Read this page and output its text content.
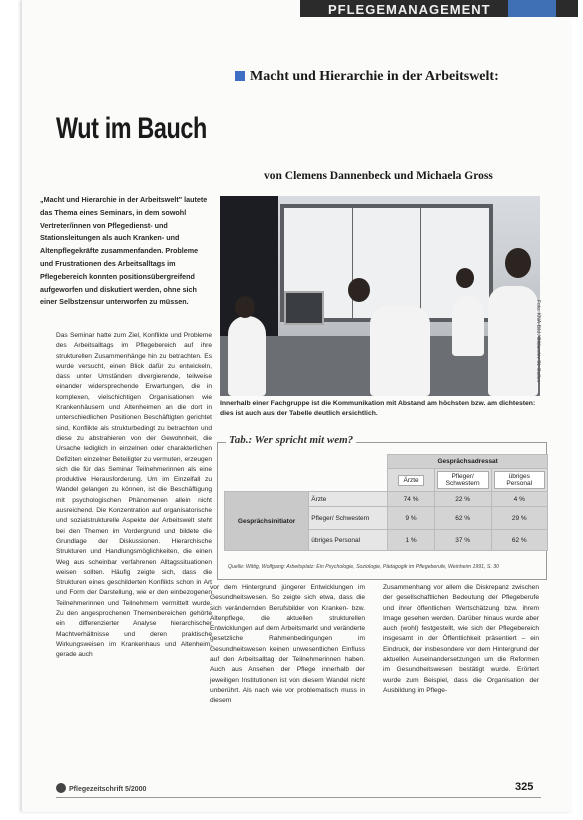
PFLEGEMANAGEMENT
Macht und Hierarchie in der Arbeitswelt:
Wut im Bauch
von Clemens Dannenbeck und Michaela Gross
„Macht und Hierarchie in der Arbeitswelt" lautete das Thema eines Seminars, in dem sowohl Vertreter/innen von Pflegedienst- und Stationsleitungen als auch Kranken- und Altenpflegekräfte zusammenfanden. Probleme und Frustrationen des Arbeitsalltags im Pflegebereich konnten positionsübergreifend aufgeworfen und diskutiert werden, ohne sich einer Selbstzensur unterworfen zu müssen.
Das Seminar hatte zum Ziel, Konflikte und Probleme des Arbeitsalltags im Pflegebereich auf ihre strukturellen Zusammenhänge hin zu betrachten. Es wurde versucht, einen Blick dafür zu entwickeln, dass unter Umständen divergierende, teilweise einander widersprechende Erwartungen, die in komplexen, vielschichtigen Organisationen wie Krankenhäusern und Altenheimen an die dort in unterschiedlichen Positionen Beschäftigten gerichtet sind, Konflikte als strukturbedingt zu betrachten und diese zu abstrahieren von der Gewohnheit, die Ursache lediglich in einzelnen oder charakterlichen Defiziten einzelner Beteiligter zu vermuten, erzeugen sich die für das Seminar Teilnehmerinnen als eine produktive Herausforderung. Um im Einzelfall zu Wandel gelangen zu können, ist die Beschäftigung mit psychologischen Phänomenen allein nicht ausreichend. Die Konzentration auf organisatorische und sozialstrukturelle Aspekte der Arbeitswelt steht bei den Themen im Vordergrund und bildete die Grundlage der Diskussionen. Hierarchische Strukturen und Handlungsmöglichkeiten, die einen Weg aus scheinbar verfahrenen Alltagssituationen weisen sollten. Häufig zeigte sich, dass die Strukturen eines geschilderten Konflikts schon in Art und Form der Darstellung, wie er den einbezogenen Teilnehmerinnen und Teilnehmern vermittelt wurde. Zu den angesprochenen Themenbereichen gehörte ein differenzierter Analyse hierarchischer Machtverhältnisse und deren praktische Wirkungsweisen im Krankenhaus und Altenheim, gerade auch
Foto: KNA-Bild / Bildarchiv St. Gallen
Innerhalb einer Fachgruppe ist die Kommunikation mit Abstand am höchsten bzw. am dichtesten: dies ist auch aus der Tabelle deutlich ersichtlich.
Tab.: Wer spricht mit wem?
		Gesprächsadressat		
		Ärzte	Pfleger/ Schwestern	übriges Personal
Gesprächsinitiator	Ärzte	74 %	22 %	4 %
	Pfleger/ Schwestern	9 %	62 %	29 %
	übriges Personal	1 %	37 %	62 %
Quelle: Wittig, Wolfgang: Arbeitsplatz: Ein Psychologie, Soziologie, Pädagogik im Pflegeberufe, Weinheim 1991, S. 30
vor dem Hintergrund jüngerer Entwicklungen im Gesundheitswesen. So zeigte sich etwa, dass die sich verändernden Berufsbilder von Kranken- bzw. Altenpflege, die aktuellen strukturellen Entwicklungen auf dem Arbeitsmarkt und veränderte gesetzliche Rahmenbedingungen im Gesundheitswesen keinen unwesentlichen Einfluss auf den Arbeitsalltag der Teilnehmerinnen haben. Auch aus Ansehen der Pflege innerhalb der jeweiligen Institutionen ist von diesem Wandel nicht unberührt. Als nach wie vor problematisch muss in diesem
Zusammenhang vor allem die Diskrepanz zwischen der gesellschaftlichen Bedeutung der Pflegeberufe und ihrer öffentlichen Wertschätzung bzw. ihrem Image gesehen werden. Darüber hinaus wurde aber auch (wohl) festgestellt, wie sich der Pflegebereich insgesamt in der Öffentlichkeit präsentiert – ein Eindruck, der insbesondere vor dem Hintergrund der aktuellen Auseinandersetzungen um die Reformen im Gesundheitswesen bestätigt wurde. Erörtert wurde zum Beispiel, dass die Organisation der Ausbildung im Pflege-
Pflegezeitschrift 5/2000	325
